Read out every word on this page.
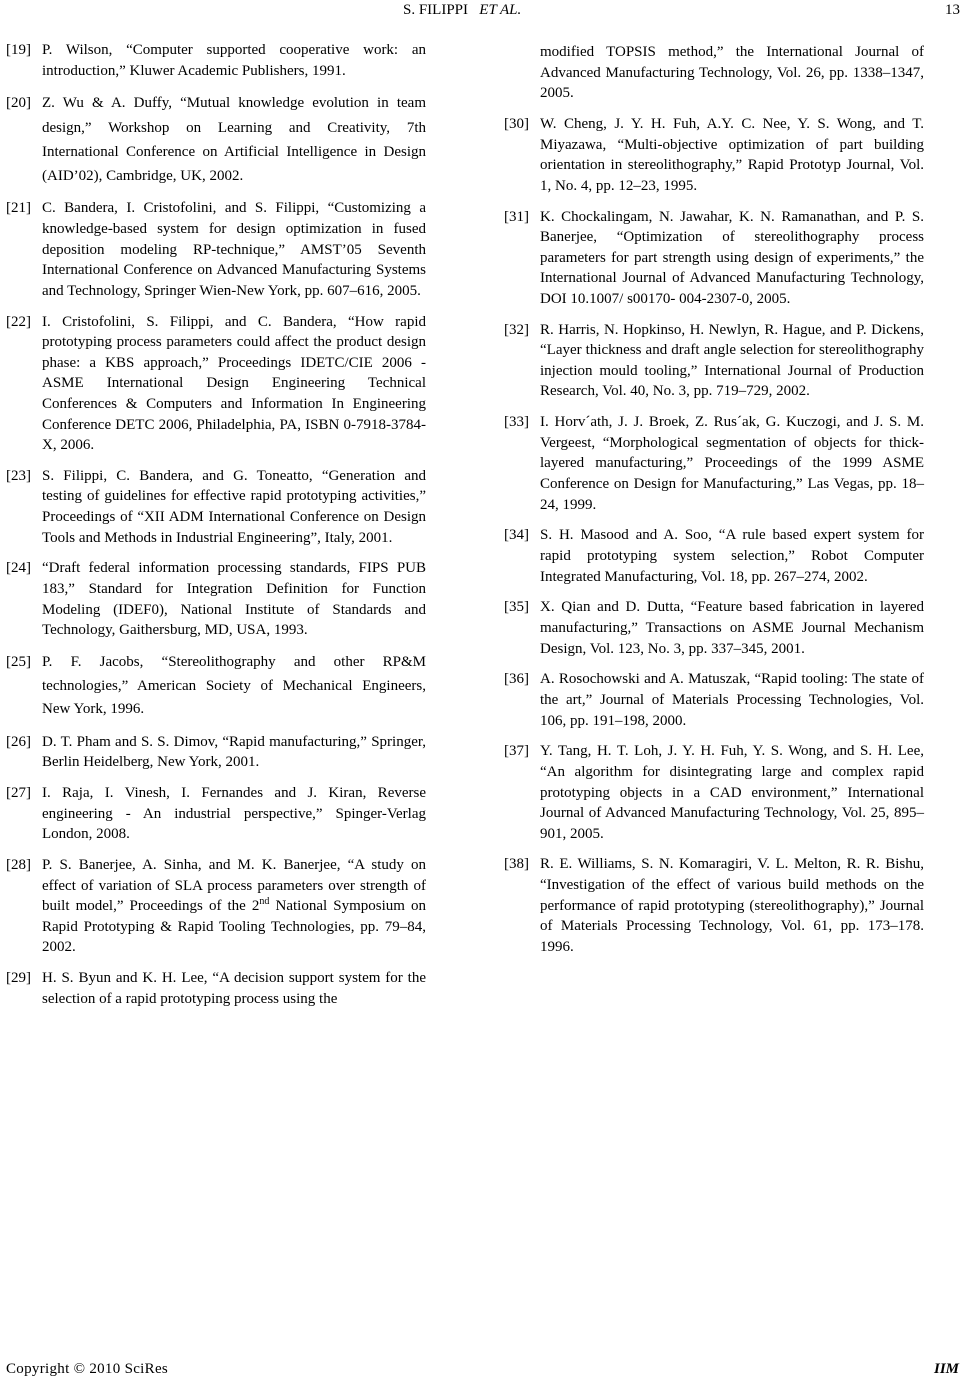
S. FILIPPI ET AL.	13
[19] P. Wilson, “Computer supported cooperative work: an introduction,” Kluwer Academic Publishers, 1991.
[20] Z. Wu & A. Duffy, “Mutual knowledge evolution in team design,” Workshop on Learning and Creativity, 7th International Conference on Artificial Intelligence in Design (AID’02), Cambridge, UK, 2002.
[21] C. Bandera, I. Cristofolini, and S. Filippi, “Customizing a knowledge-based system for design optimization in fused deposition modeling RP-technique,” AMST’05 Seventh International Conference on Advanced Manufacturing Systems and Technology, Springer Wien-New York, pp. 607–616, 2005.
[22] I. Cristofolini, S. Filippi, and C. Bandera, “How rapid prototyping process parameters could affect the product design phase: a KBS approach,” Proceedings IDETC/CIE 2006 - ASME International Design Engineering Technical Conferences & Computers and Information In Engineering Conference DETC 2006, Philadelphia, PA, ISBN 0-7918-3784-X, 2006.
[23] S. Filippi, C. Bandera, and G. Toneatto, “Generation and testing of guidelines for effective rapid prototyping activities,” Proceedings of “XII ADM International Conference on Design Tools and Methods in Industrial Engineering”, Italy, 2001.
[24] “Draft federal information processing standards, FIPS PUB 183,” Standard for Integration Definition for Function Modeling (IDEF0), National Institute of Standards and Technology, Gaithersburg, MD, USA, 1993.
[25] P. F. Jacobs, “Stereolithography and other RP&M technologies,” American Society of Mechanical Engineers, New York, 1996.
[26] D. T. Pham and S. S. Dimov, “Rapid manufacturing,” Springer, Berlin Heidelberg, New York, 2001.
[27] I. Raja, I. Vinesh, I. Fernandes and J. Kiran, Reverse engineering - An industrial perspective,” Spinger-Verlag London, 2008.
[28] P. S. Banerjee, A. Sinha, and M. K. Banerjee, “A study on effect of variation of SLA process parameters over strength of built model,” Proceedings of the 2nd National Symposium on Rapid Prototyping & Rapid Tooling Technologies, pp. 79–84, 2002.
[29] H. S. Byun and K. H. Lee, “A decision support system for the selection of a rapid prototyping process using the
modified TOPSIS method,” the International Journal of Advanced Manufacturing Technology, Vol. 26, pp. 1338–1347, 2005.
[30] W. Cheng, J. Y. H. Fuh, A.Y. C. Nee, Y. S. Wong, and T. Miyazawa, “Multi-objective optimization of part building orientation in stereolithography,” Rapid Prototyp Journal, Vol. 1, No. 4, pp. 12–23, 1995.
[31] K. Chockalingam, N. Jawahar, K. N. Ramanathan, and P. S. Banerjee, “Optimization of stereolithography process parameters for part strength using design of experiments,” the International Journal of Advanced Manufacturing Technology, DOI 10.1007/ s00170- 004-2307-0, 2005.
[32] R. Harris, N. Hopkinso, H. Newlyn, R. Hague, and P. Dickens, “Layer thickness and draft angle selection for stereolithography injection mould tooling,” International Journal of Production Research, Vol. 40, No. 3, pp. 719–729, 2002.
[33] I. Horv´ath, J. J. Broek, Z. Rus´ak, G. Kuczogi, and J. S. M. Vergeest, “Morphological segmentation of objects for thick-layered manufacturing,” Proceedings of the 1999 ASME Conference on Design for Manufacturing,” Las Vegas, pp. 18–24, 1999.
[34] S. H. Masood and A. Soo, “A rule based expert system for rapid prototyping system selection,” Robot Computer Integrated Manufacturing, Vol. 18, pp. 267–274, 2002.
[35] X. Qian and D. Dutta, “Feature based fabrication in layered manufacturing,” Transactions on ASME Journal Mechanism Design, Vol. 123, No. 3, pp. 337–345, 2001.
[36] A. Rosochowski and A. Matuszak, “Rapid tooling: The state of the art,” Journal of Materials Processing Technologies, Vol. 106, pp. 191–198, 2000.
[37] Y. Tang, H. T. Loh, J. Y. H. Fuh, Y. S. Wong, and S. H. Lee, “An algorithm for disintegrating large and complex rapid prototyping objects in a CAD environment,” International Journal of Advanced Manufacturing Technology, Vol. 25, 895–901, 2005.
[38] R. E. Williams, S. N. Komaragiri, V. L. Melton, R. R. Bishu, “Investigation of the effect of various build methods on the performance of rapid prototyping (stereolithography),” Journal of Materials Processing Technology, Vol. 61, pp. 173–178. 1996.
Copyright © 2010 SciRes	IIM
